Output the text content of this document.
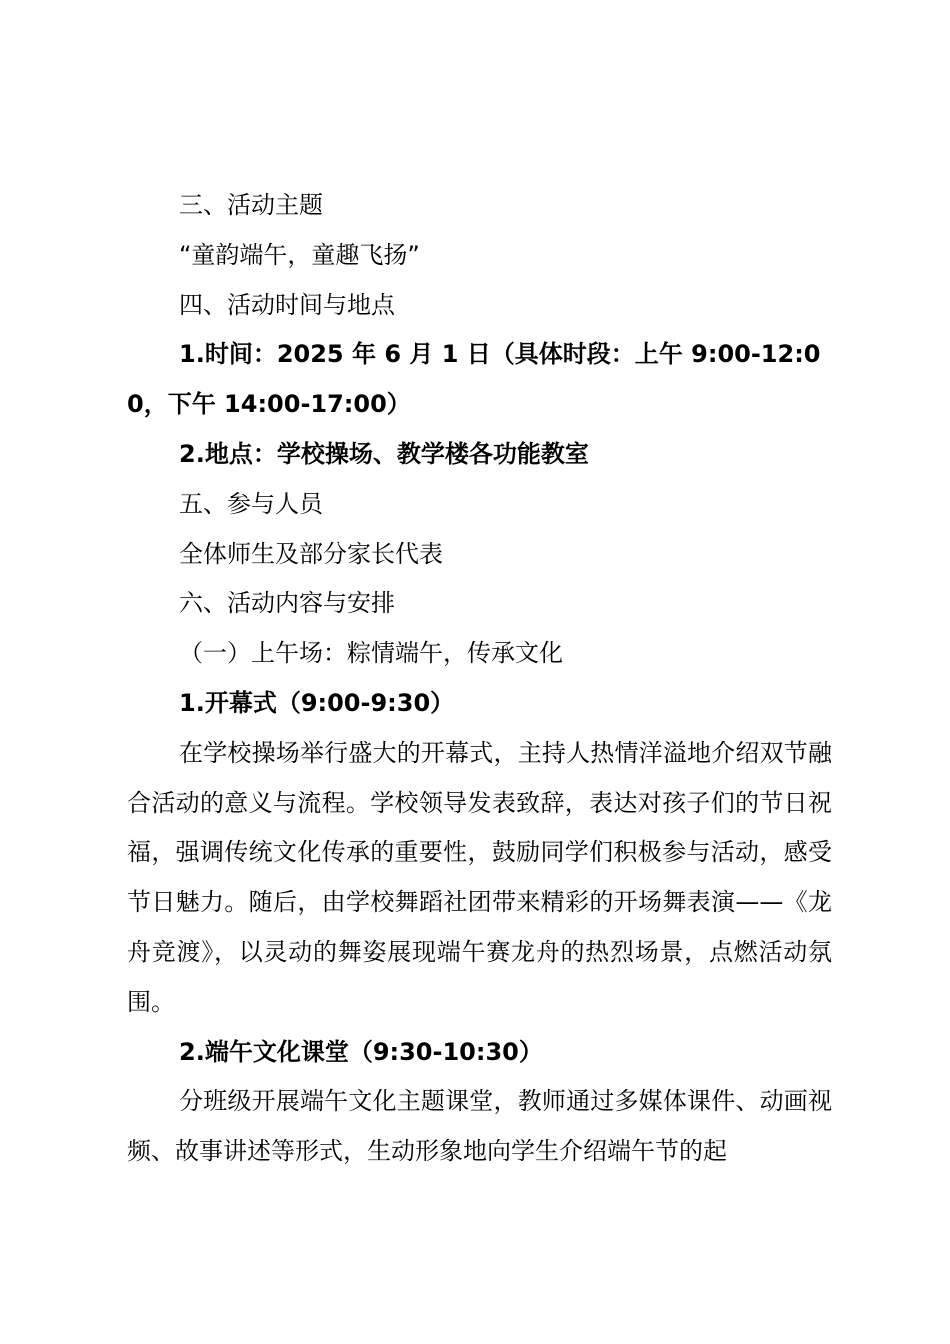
三、活动主题
“童韵端午，童趣飞扬”
四、活动时间与地点
1.时间：2025 年 6 月 1 日（具体时段：上午 9:00-12:00，下午 14:00-17:00）
2.地点：学校操场、教学楼各功能教室
五、参与人员
全体师生及部分家长代表
六、活动内容与安排
（一）上午场：粽情端午，传承文化
1.开幕式（9:00-9:30）
在学校操场举行盛大的开幕式，主持人热情洋溢地介绍双节融合活动的意义与流程。学校领导发表致辞，表达对孩子们的节日祝福，强调传统文化传承的重要性，鼓励同学们积极参与活动，感受节日魅力。随后，由学校舞蹈社团带来精彩的开场舞表演——《龙舟竞渡》，以灵动的舞姿展现端午赛龙舟的热烈场景，点燃活动氛围。
2.端午文化课堂（9:30-10:30）
分班级开展端午文化主题课堂，教师通过多媒体课件、动画视频、故事讲述等形式，生动形象地向学生介绍端午节的起
